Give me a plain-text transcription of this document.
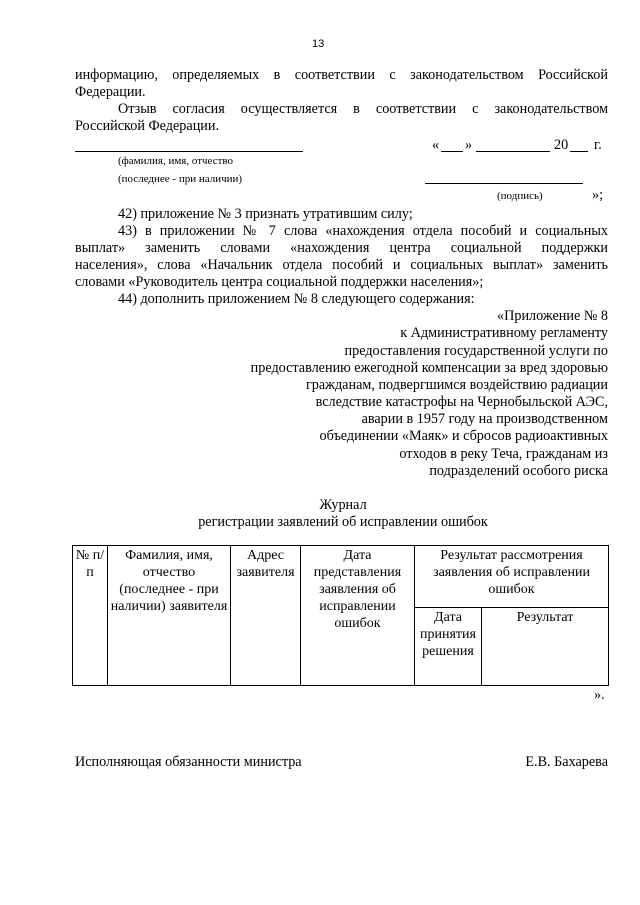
13
информацию, определяемых в соответствии с законодательством Российской
Федерации.
Отзыв согласия осуществляется в соответствии с законодательством
Российской Федерации.
(фамилия, имя, отчество
(последнее - при наличии)
« »	20 г.
(подпись)	»;
42) приложение № 3 признать утратившим силу;
43) в приложении № 7 слова «нахождения отдела пособий и социальных
выплат» заменить словами «нахождения центра социальной поддержки
населения», слова «Начальник отдела пособий и социальных выплат» заменить
словами «Руководитель центра социальной поддержки населения»;
44) дополнить приложением № 8 следующего содержания:
«Приложение № 8
к Административному регламенту
предоставления государственной услуги по
предоставлению ежегодной компенсации за вред здоровью
гражданам, подвергшимся воздействию радиации
вследствие катастрофы на Чернобыльской АЭС,
аварии в 1957 году на производственном
объединении «Маяк» и сбросов радиоактивных
отходов в реку Теча, гражданам из
подразделений особого риска
Журнал
регистрации заявлений об исправлении ошибок
№ п/п	Фамилия, имя, отчество (последнее - при наличии) заявителя	Адрес заявителя	Дата представления заявления об исправлении ошибок	Результат рассмотрения заявления об исправлении ошибок	
				Дата принятия решения	Результат
».
Исполняющая обязанности министра	Е.В. Бахарева
